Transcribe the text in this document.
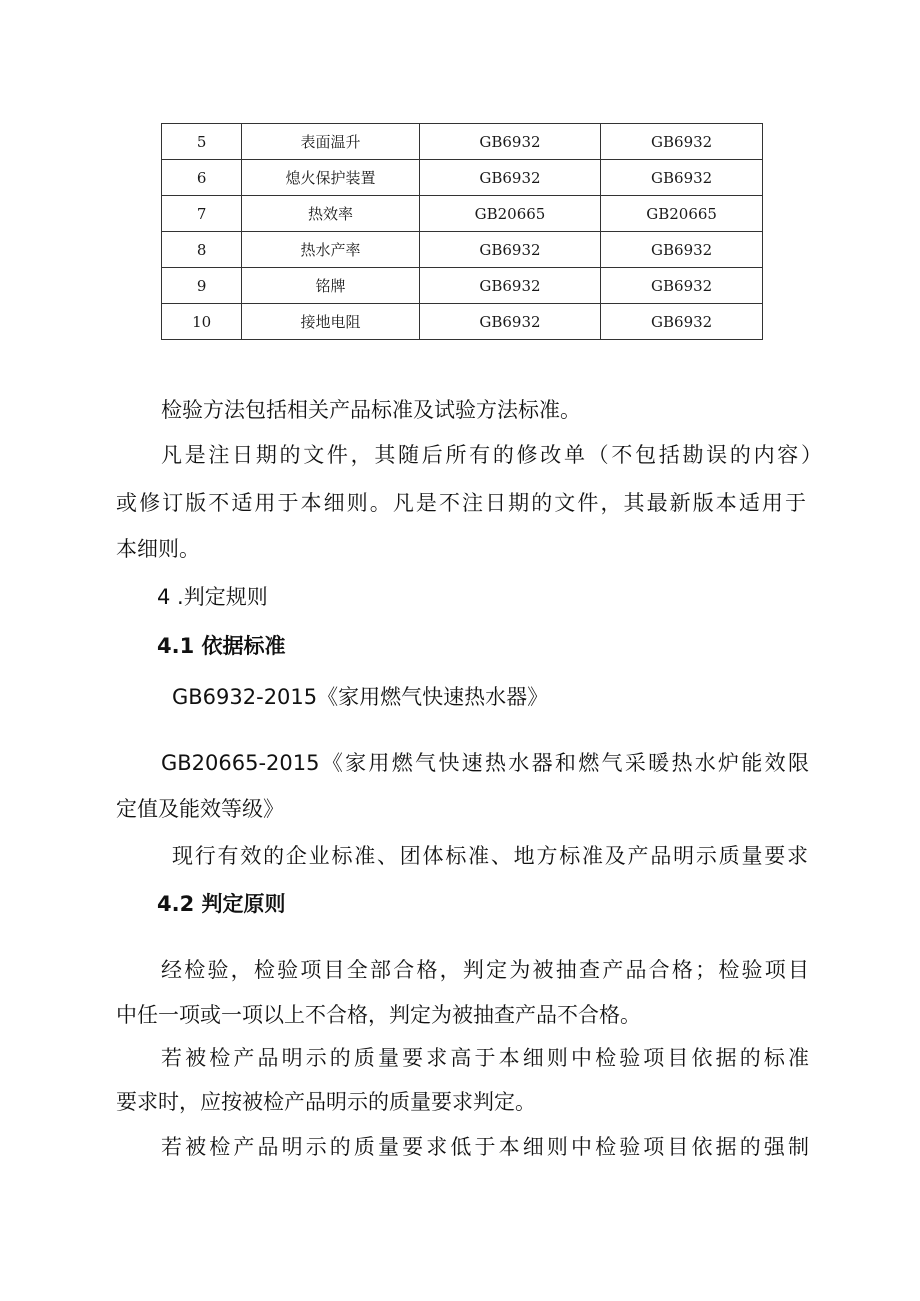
5	表面温升	GB6932	GB6932
6	熄火保护装置	GB6932	GB6932
7	热效率	GB20665	GB20665
8	热水产率	GB6932	GB6932
9	铭牌	GB6932	GB6932
10	接地电阻	GB6932	GB6932
检验方法包括相关产品标准及试验方法标准。
凡是注日期的文件，其随后所有的修改单（不包括勘误的内容）
或修订版不适用于本细则。凡是不注日期的文件，其最新版本适用于
本细则。
4 .判定规则
4.1 依据标准
GB6932-2015《家用燃气快速热水器》
GB20665-2015《家用燃气快速热水器和燃气采暖热水炉能效限
定值及能效等级》
现行有效的企业标准、团体标准、地方标准及产品明示质量要求
4.2 判定原则
经检验，检验项目全部合格，判定为被抽查产品合格；检验项目
中任一项或一项以上不合格，判定为被抽查产品不合格。
若被检产品明示的质量要求高于本细则中检验项目依据的标准
要求时，应按被检产品明示的质量要求判定。
若被检产品明示的质量要求低于本细则中检验项目依据的强制
